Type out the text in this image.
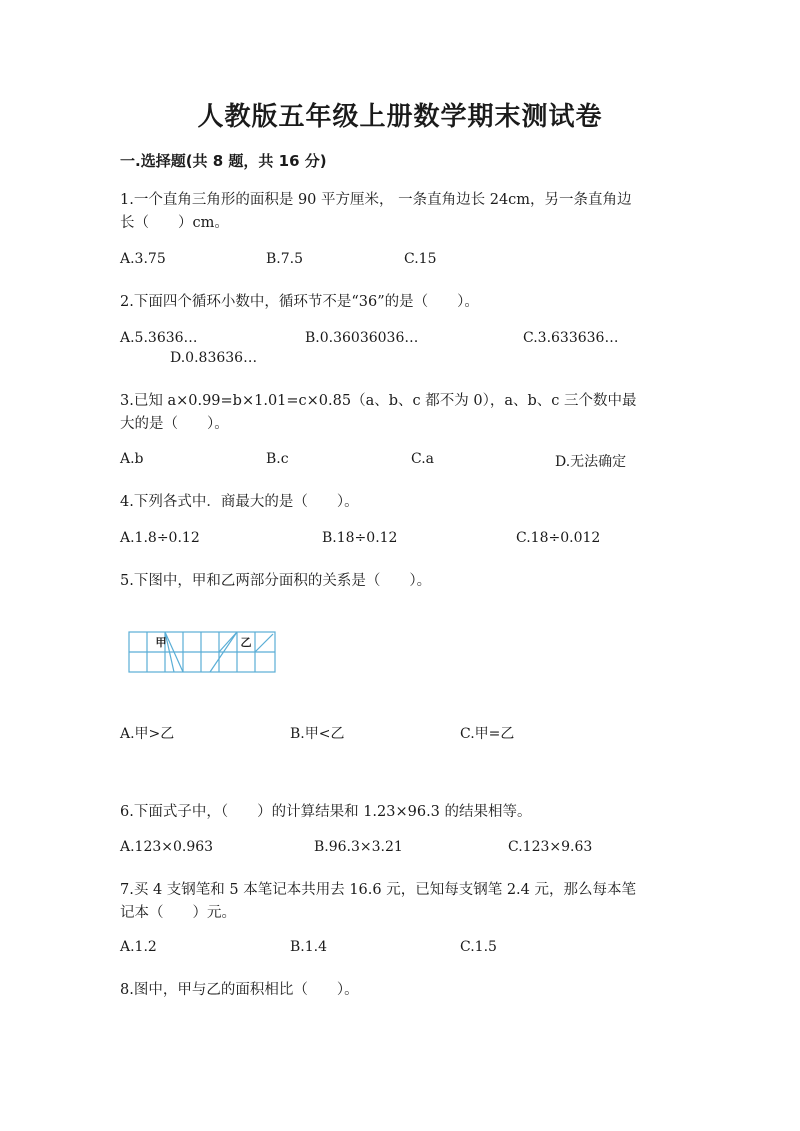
人教版五年级上册数学期末测试卷
一.选择题(共 8 题，共 16 分)
1.一个直角三角形的面积是 90 平方厘米， 一条直角边长 24cm，另一条直角边
长（　　）cm。
A.3.75	B.7.5	C.15
2.下面四个循环小数中，循环节不是“36”的是（　　）。
A.5.3636…	B.0.36036036…	C.3.633636…
D.0.83636…
3.已知 a×0.99=b×1.01=c×0.85（a、b、c 都不为 0），a、b、c 三个数中最
大的是（　　）。
A.b	B.c	C.a	D.无法确定
4.下列各式中．商最大的是（　　）。
A.1.8÷0.12	B.18÷0.12	C.18÷0.012
5.下图中，甲和乙两部分面积的关系是（　　）。
甲	乙
A.甲>乙	B.甲<乙	C.甲=乙
6.下面式子中，（　　）的计算结果和 1.23×96.3 的结果相等。
A.123×0.963	B.96.3×3.21	C.123×9.63
7.买 4 支钢笔和 5 本笔记本共用去 16.6 元，已知每支钢笔 2.4 元，那么每本笔
记本（　　）元。
A.1.2	B.1.4	C.1.5
8.图中，甲与乙的面积相比（　　）。
